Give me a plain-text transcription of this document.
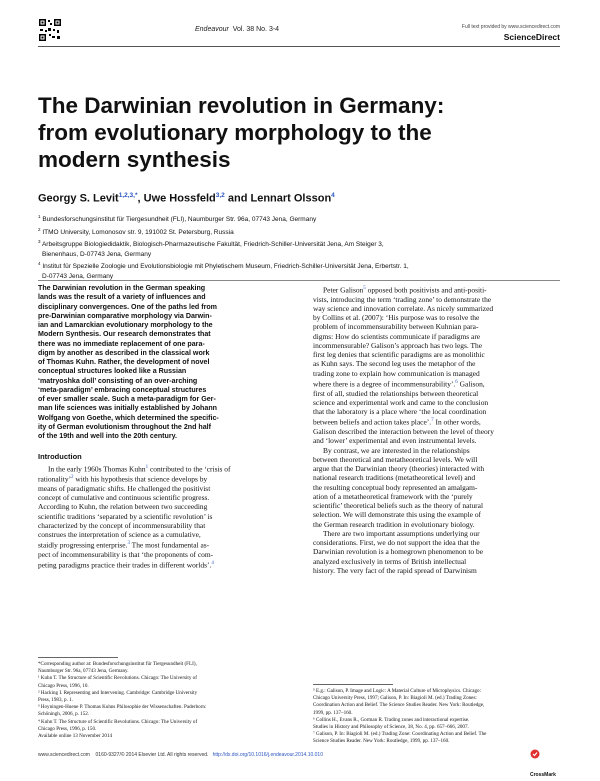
Endeavour Vol. 38 No. 3-4	Full text provided by www.sciencedirect.com
ScienceDirect
The Darwinian revolution in Germany:
from evolutionary morphology to the
modern synthesis
Georgy S. Levit$^{1,2,3,*}$, Uwe Hossfeld$^{3,2}$ and Lennart Olsson$^4$
$^1$ Bundesforschungsinstitut für Tiergesundheit (FLI), Naumburger Str. 96a, 07743 Jena, Germany
$^2$ ITMO University, Lomonosov str. 9, 191002 St. Petersburg, Russia
$^3$ Arbeitsgruppe Biologiedidaktik, Biologisch-Pharmazeutische Fakultät, Friedrich-Schiller-Universität Jena, Am Steiger 3,
Bienenhaus, D-07743 Jena, Germany
$^4$ Institut für Spezielle Zoologie und Evolutionsbiologie mit Phyletischem Museum, Friedrich-Schiller-Universität Jena, Erbertstr. 1,
D-07743 Jena, Germany
The Darwinian revolution in the German speaking
lands was the result of a variety of influences and
disciplinary convergences. One of the paths led from
pre-Darwinian comparative morphology via Darwin-
ian and Lamarckian evolutionary morphology to the
Modern Synthesis. Our research demonstrates that
there was no immediate replacement of one para-
digm by another as described in the classical work
of Thomas Kuhn. Rather, the development of novel
conceptual structures looked like a Russian
‘matryoshka doll’ consisting of an over-arching
‘meta-paradigm’ embracing conceptual structures
of ever smaller scale. Such a meta-paradigm for Ger-
man life sciences was initially established by Johann
Wolfgang von Goethe, which determined the specific-
ity of German evolutionism throughout the 2nd half
of the 19th and well into the 20th century.
Introduction
In the early 1960s Thomas Kuhn$^1$ contributed to the ‘crisis of
rationality’$^2$ with his hypothesis that science develops by
means of paradigmatic shifts. He challenged the positivist
concept of cumulative and continuous scientific progress.
According to Kuhn, the relation between two succeeding
scientific traditions ‘separated by a scientific revolution’ is
characterized by the concept of incommensurability that
construes the interpretation of science as a cumulative,
staidly progressing enterprise.$^3$ The most fundamental as-
pect of incommensurability is that ‘the proponents of com-
peting paradigms practice their trades in different worlds’.$^4$
Peter Galison$^5$ opposed both positivists and anti-positi-
vists, introducing the term ‘trading zone’ to demonstrate the
way science and innovation correlate. As nicely summarized
by Collins et al. (2007): ‘His purpose was to resolve the
problem of incommensurability between Kuhnian para-
digms: How do scientists communicate if paradigms are
incommensurable? Galison’s approach has two legs. The
first leg denies that scientific paradigms are as monolithic
as Kuhn says. The second leg uses the metaphor of the
trading zone to explain how communication is managed
where there is a degree of incommensurability’.$^6$ Galison,
first of all, studied the relationships between theoretical
science and experimental work and came to the conclusion
that the laboratory is a place where ‘the local coordination
between beliefs and action takes place’.$^7$ In other words,
Galison described the interaction between the level of theory
and ‘lower’ experimental and even instrumental levels.
By contrast, we are interested in the relationships
between theoretical and metatheoretical levels. We will
argue that the Darwinian theory (theories) interacted with
national research traditions (metatheoretical level) and
the resulting conceptual body represented an amalgam-
ation of a metatheoretical framework with the ‘purely
scientific’ theoretical beliefs such as the theory of natural
selection. We will demonstrate this using the example of
the German research tradition in evolutionary biology.
There are two important assumptions underlying our
considerations. First, we do not support the idea that the
Darwinian revolution is a homegrown phenomenon to be
analyzed exclusively in terms of British intellectual
history. The very fact of the rapid spread of Darwinism
*Corresponding author at: Bundesforschungsinstitut für Tiergesundheit (FLI),
Naumburger Str. 96a, 07743 Jena, Germany.
¹ Kuhn T. The Structure of Scientific Revolutions. Chicago: The University of
Chicago Press, 1996, 10.
² Hacking I. Representing and Intervening. Cambridge: Cambridge University
Press, 1983, p. 1.
³ Hoyningen-Huene P. Thomas Kuhns Philosophie der Wissenschaften. Paderborn:
Schöningh, 2006, p. 152.
⁴ Kuhn T. The Structure of Scientific Revolutions. Chicago: The University of
Chicago Press, 1996, p. 150.
Available online 13 November 2014
⁵ E.g.: Galison, P. Image and Logic: A Material Culture of Microphysics. Chicago:
Chicago University Press, 1997; Galison, P. In: Biagioli M. (ed.) Trading Zones:
Coordination Action and Belief. The Science Studies Reader. New York: Routledge,
1999, pp. 137–160.
⁶ Collins H., Evans R., Gorman R. Trading zones and interactional expertise.
Studies in History and Philosophy of Science, 38, No. 4, pp. 657–666, 2007.
⁷ Galison, P. In: Biagioli M. (ed.) Trading Zone: Coordinating Action and Belief. The
Science Studies Reader. New York: Routledge, 1999, pp. 137–160.
www.sciencedirect.com 0160-9327/© 2014 Elsevier Ltd. All rights reserved. http://dx.doi.org/10.1016/j.endeavour.2014.10.010
CrossMark
